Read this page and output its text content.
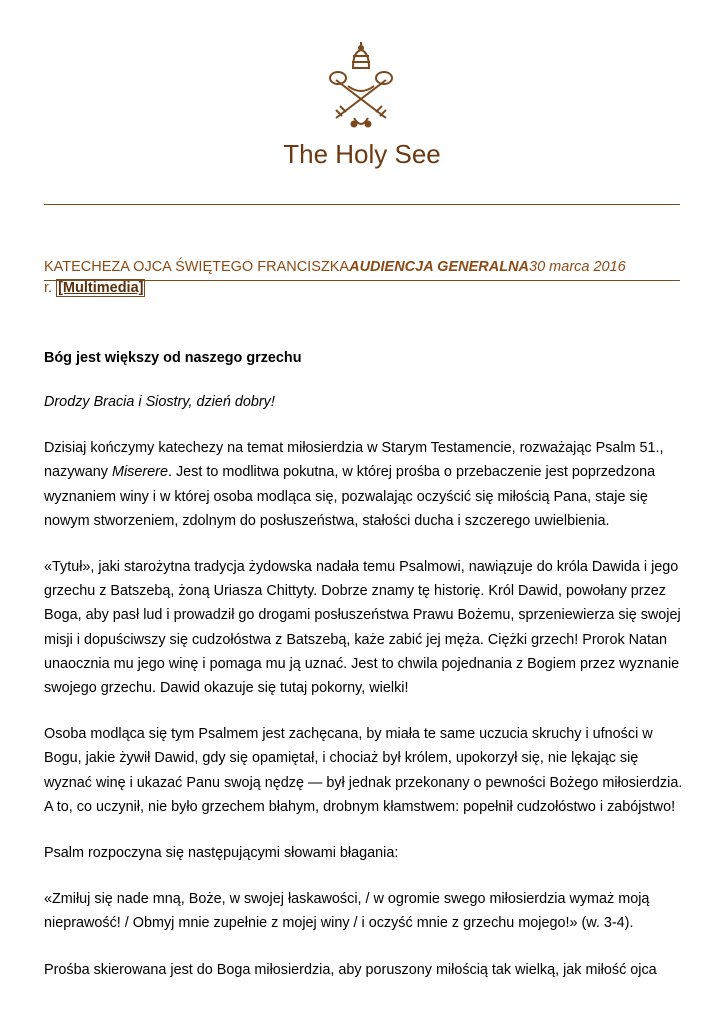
The Holy See
KATECHEZA OJCA ŚWIĘTEGO FRANCISZKAAUDIENCJA GENERALNA30 marca 2016
r. [Multimedia]
Bóg jest większy od naszego grzechu

Drodzy Bracia i Siostry, dzień dobry!

Dzisiaj kończymy katechezy na temat miłosierdzia w Starym Testamencie, rozważając Psalm 51., nazywany Miserere. Jest to modlitwa pokutna, w której prośba o przebaczenie jest poprzedzona wyznaniem winy i w której osoba modląca się, pozwalając oczyścić się miłością Pana, staje się nowym stworzeniem, zdolnym do posłuszeństwa, stałości ducha i szczerego uwielbienia.

«Tytuł», jaki starożytna tradycja żydowska nadała temu Psalmowi, nawiązuje do króla Dawida i jego grzechu z Batszebą, żoną Uriasza Chittyty. Dobrze znamy tę historię. Król Dawid, powołany przez Boga, aby pasł lud i prowadził go drogami posłuszeństwa Prawu Bożemu, sprzeniewierza się swojej misji i dopuściwszy się cudzołóstwa z Batszebą, każe zabić jej męża. Ciężki grzech! Prorok Natan unaocznia mu jego winę i pomaga mu ją uznać. Jest to chwila pojednania z Bogiem przez wyznanie swojego grzechu. Dawid okazuje się tutaj pokorny, wielki!

Osoba modląca się tym Psalmem jest zachęcana, by miała te same uczucia skruchy i ufności w Bogu, jakie żywił Dawid, gdy się opamiętał, i chociaż był królem, upokorzył się, nie lękając się wyznać winę i ukazać Panu swoją nędzę — był jednak przekonany o pewności Bożego miłosierdzia. A to, co uczynił, nie było grzechem błahym, drobnym kłamstwem: popełnił cudzołóstwo i zabójstwo!

Psalm rozpoczyna się następującymi słowami błagania:

«Zmiłuj się nade mną, Boże, w swojej łaskawości, / w ogromie swego miłosierdzia wymaż moją nieprawość! / Obmyj mnie zupełnie z mojej winy / i oczyść mnie z grzechu mojego!» (w. 3-4).

Prośba skierowana jest do Boga miłosierdzia, aby poruszony miłością tak wielką, jak miłość ojca
